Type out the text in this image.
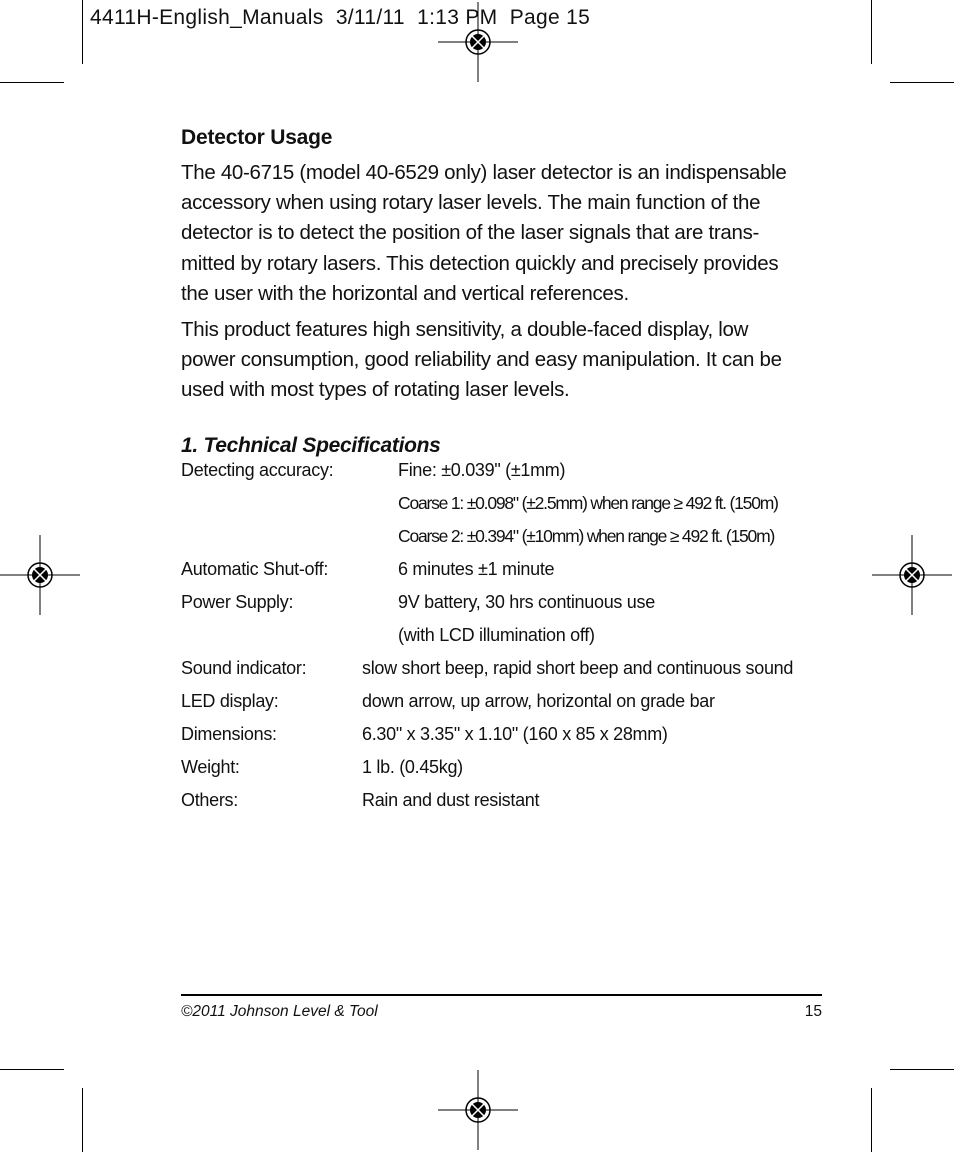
4411H-English_Manuals  3/11/11  1:13 PM  Page 15
Detector Usage
The 40-6715 (model 40-6529 only) laser detector is an indispensable
accessory when using rotary laser levels. The main function of the
detector is to detect the position of the laser signals that are trans-
mitted by rotary lasers. This detection quickly and precisely provides
the user with the horizontal and vertical references.
This product features high sensitivity, a double-faced display, low
power consumption, good reliability and easy manipulation. It can be
used with most types of rotating laser levels.
1. Technical Specifications
Detecting accuracy:	Fine: ±0.039" (±1mm)
Coarse 1: ±0.098" (±2.5mm) when range ≥ 492 ft. (150m)
Coarse 2: ±0.394" (±10mm) when range ≥ 492 ft. (150m)
Automatic Shut-off:	6 minutes ±1 minute
Power Supply:	9V battery, 30 hrs continuous use
(with LCD illumination off)
Sound indicator:	slow short beep, rapid short beep and continuous sound
LED display:	down arrow, up arrow, horizontal on grade bar
Dimensions:	6.30" x 3.35" x 1.10" (160 x 85 x 28mm)
Weight:	1 lb. (0.45kg)
Others:	Rain and dust resistant
©2011 Johnson Level & Tool	15
